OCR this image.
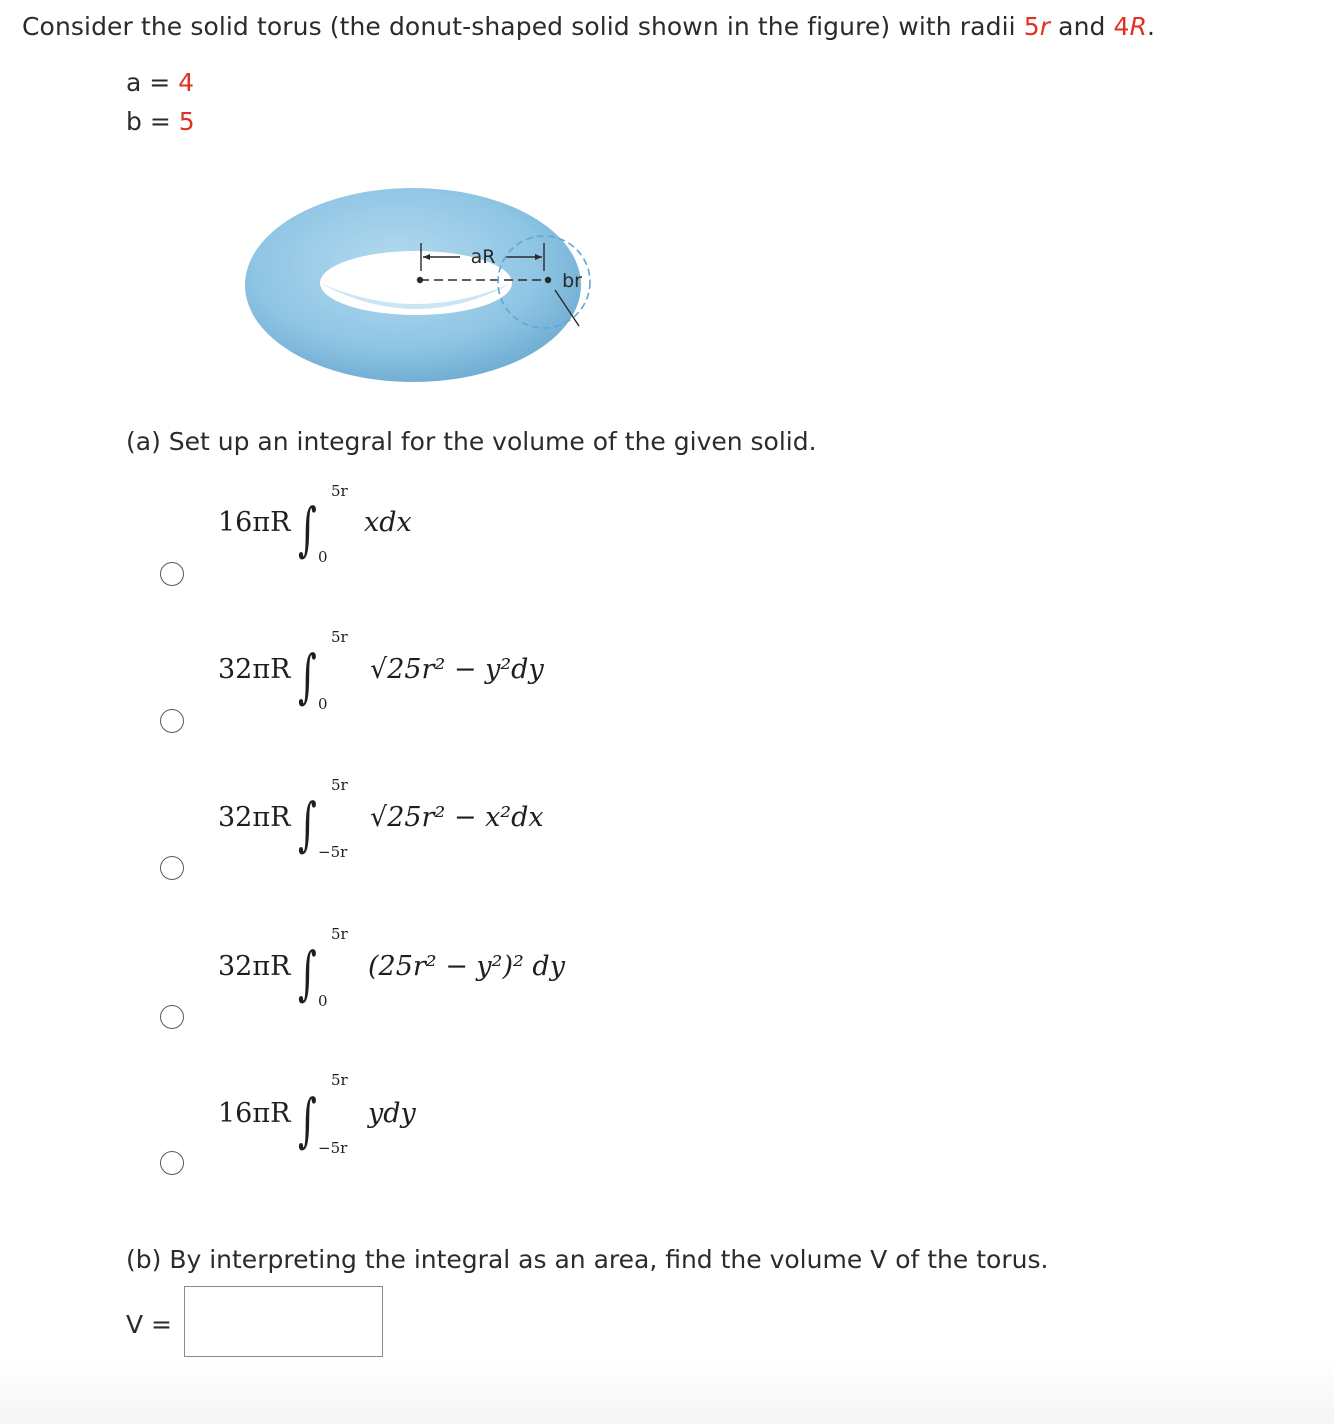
Consider the solid torus (the donut-shaped solid shown in the figure) with radii 5r and 4R.
a = 4
b = 5
aR
br
(a) Set up an integral for the volume of the given solid.
16πR ∫
5r
0
xdx
32πR ∫
5r
0
√25r² − y²dy
32πR ∫
5r
−5r
√25r² − x²dx
32πR ∫
5r
0
(25r² − y²)² dy
16πR ∫
5r
−5r
ydy
(b) By interpreting the integral as an area, find the volume V of the torus.
V =
